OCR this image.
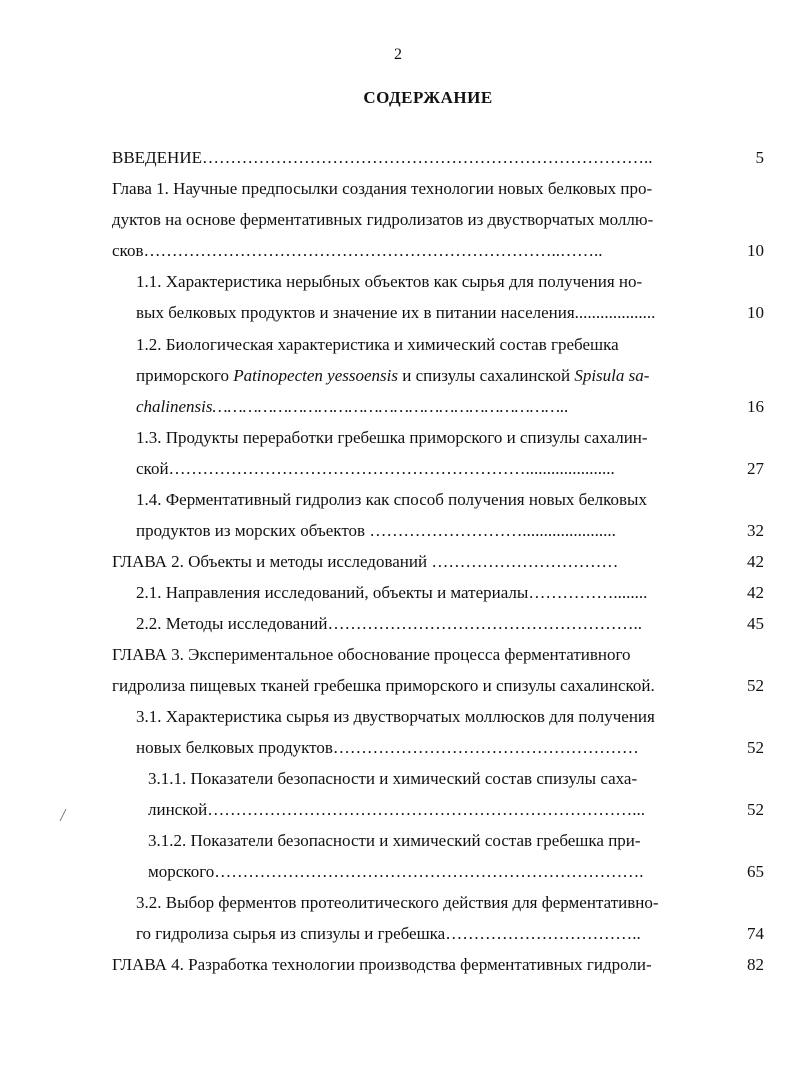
2
СОДЕРЖАНИЕ
ВВЕДЕНИЕ……………………………………………………………………..
Глава 1. Научные предпосылки создания технологии новых белковых про-
дуктов на основе ферментативных гидролизатов из двустворчатых моллю-
сков………………………………………………………………..……..
1.1. Характеристика нерыбных объектов как сырья для получения но-
вых белковых продуктов и значение их в питании населения...................
1.2. Биологическая характеристика и химический состав гребешка
приморского Patinopecten yessoensis и спизулы сахалинской Spisula sa-
chalinensis……………………………………………………………..
1.3. Продукты переработки гребешка приморского и спизулы сахалин-
ской……………………………………………………….....................
1.4. Ферментативный гидролиз как способ получения новых белковых
продуктов из морских объектов ………………………......................
ГЛАВА 2. Объекты и методы исследований ……………………………
2.1. Направления исследований, объекты и материалы……………........
2.2. Методы исследований………………………………………………..
ГЛАВА 3. Экспериментальное обоснование процесса ферментативного
гидролиза пищевых тканей гребешка приморского и спизулы сахалинской.
3.1. Характеристика сырья из двустворчатых моллюсков для получения
новых белковых продуктов………………………………………………
3.1.1. Показатели безопасности и химический состав спизулы саха-
линской…………………………………………………………………...
3.1.2. Показатели безопасности и химический состав гребешка при-
морского………………………………………………………………….
3.2. Выбор ферментов протеолитического действия для ферментативно-
го гидролиза сырья из спизулы и гребешка……………………………..
ГЛАВА 4. Разработка технологии производства ферментативных гидроли-
5
10
10
16
27
32
42
42
45
52
52
52
65
74
82
